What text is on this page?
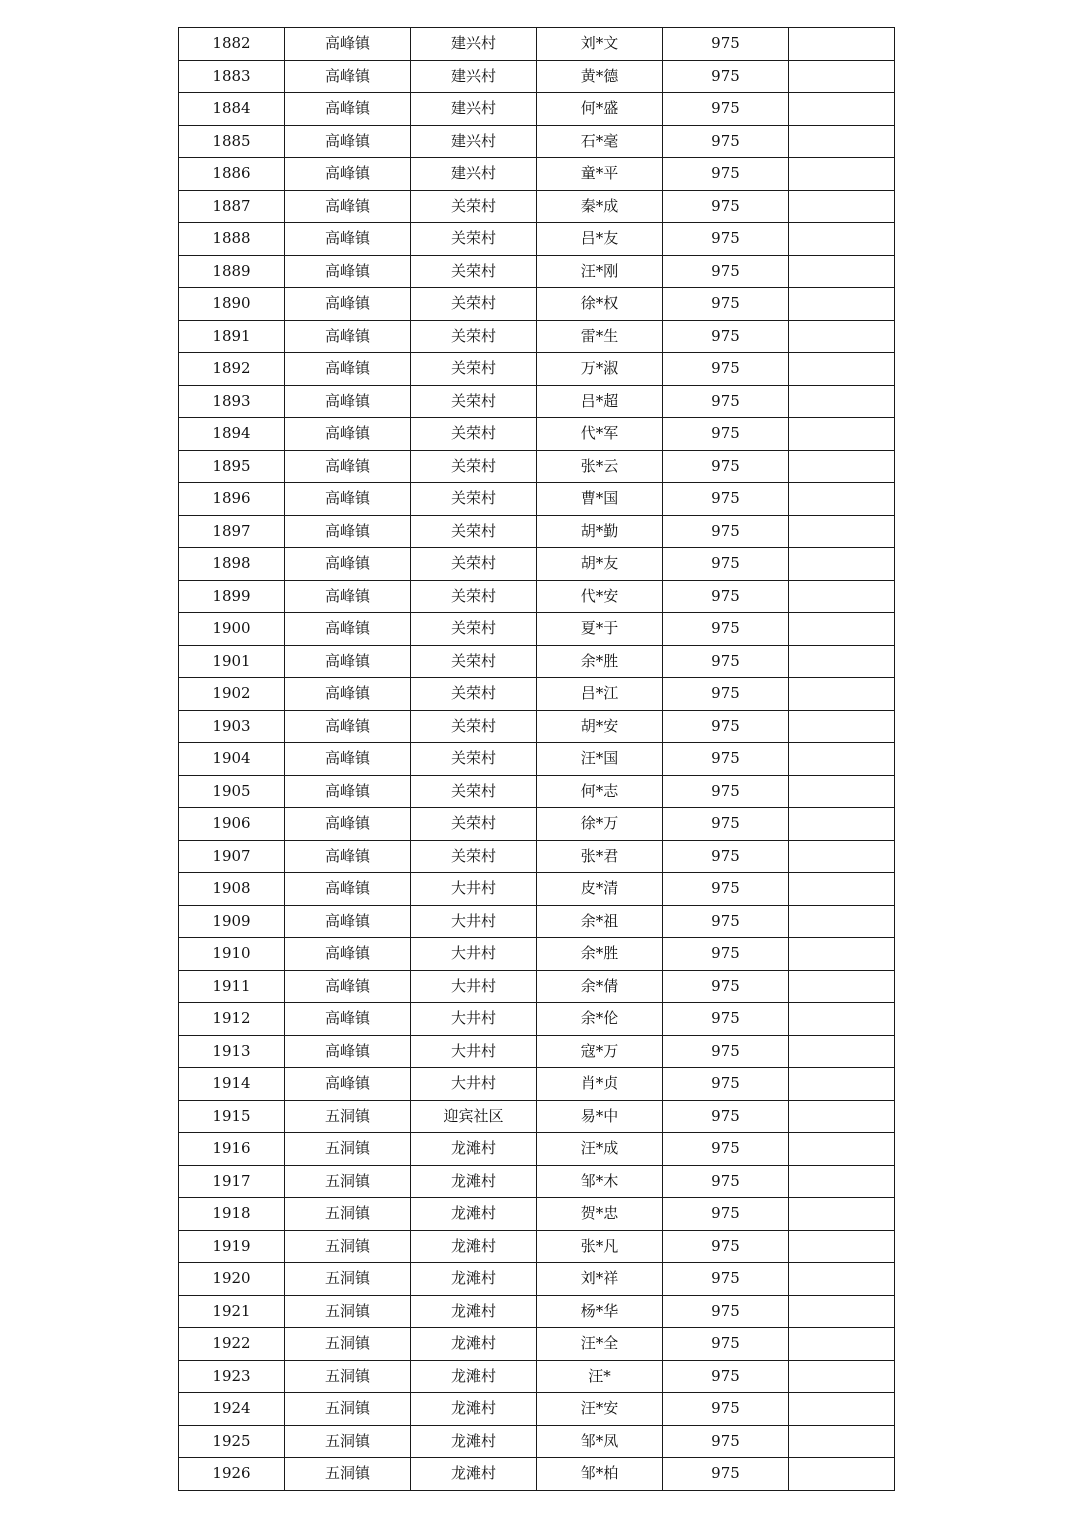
1882	高峰镇	建兴村	刘*文	975	
1883	高峰镇	建兴村	黄*德	975	
1884	高峰镇	建兴村	何*盛	975	
1885	高峰镇	建兴村	石*毫	975	
1886	高峰镇	建兴村	童*平	975	
1887	高峰镇	关荣村	秦*成	975	
1888	高峰镇	关荣村	吕*友	975	
1889	高峰镇	关荣村	汪*刚	975	
1890	高峰镇	关荣村	徐*权	975	
1891	高峰镇	关荣村	雷*生	975	
1892	高峰镇	关荣村	万*淑	975	
1893	高峰镇	关荣村	吕*超	975	
1894	高峰镇	关荣村	代*军	975	
1895	高峰镇	关荣村	张*云	975	
1896	高峰镇	关荣村	曹*国	975	
1897	高峰镇	关荣村	胡*勤	975	
1898	高峰镇	关荣村	胡*友	975	
1899	高峰镇	关荣村	代*安	975	
1900	高峰镇	关荣村	夏*于	975	
1901	高峰镇	关荣村	余*胜	975	
1902	高峰镇	关荣村	吕*江	975	
1903	高峰镇	关荣村	胡*安	975	
1904	高峰镇	关荣村	汪*国	975	
1905	高峰镇	关荣村	何*志	975	
1906	高峰镇	关荣村	徐*万	975	
1907	高峰镇	关荣村	张*君	975	
1908	高峰镇	大井村	皮*清	975	
1909	高峰镇	大井村	余*祖	975	
1910	高峰镇	大井村	余*胜	975	
1911	高峰镇	大井村	余*倩	975	
1912	高峰镇	大井村	余*伦	975	
1913	高峰镇	大井村	寇*万	975	
1914	高峰镇	大井村	肖*贞	975	
1915	五洞镇	迎宾社区	易*中	975	
1916	五洞镇	龙滩村	汪*成	975	
1917	五洞镇	龙滩村	邹*木	975	
1918	五洞镇	龙滩村	贺*忠	975	
1919	五洞镇	龙滩村	张*凡	975	
1920	五洞镇	龙滩村	刘*祥	975	
1921	五洞镇	龙滩村	杨*华	975	
1922	五洞镇	龙滩村	汪*全	975	
1923	五洞镇	龙滩村	汪*	975	
1924	五洞镇	龙滩村	汪*安	975	
1925	五洞镇	龙滩村	邹*凤	975	
1926	五洞镇	龙滩村	邹*柏	975	
